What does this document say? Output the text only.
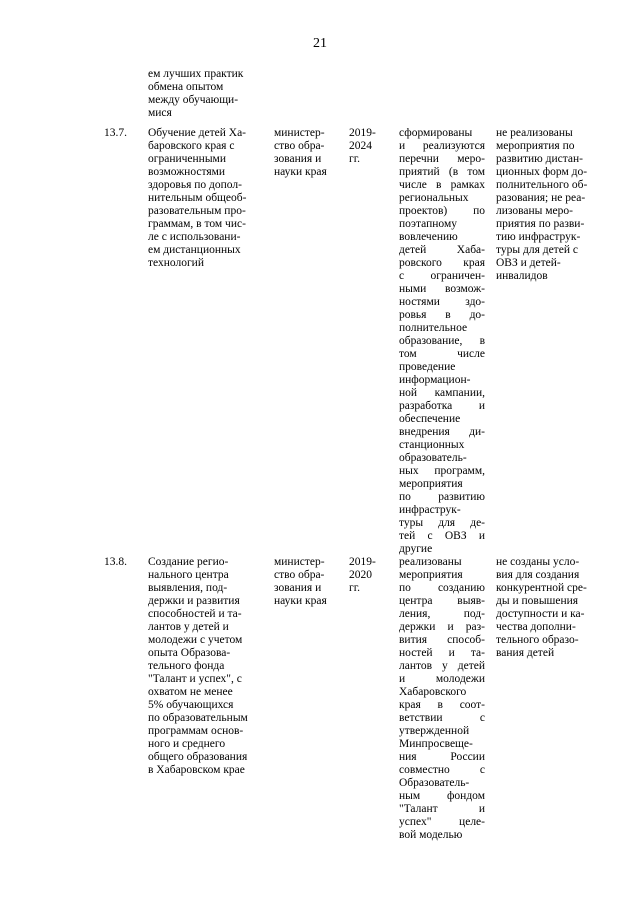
21
ем лучших практик
обмена опытом
между обучающи-
мися
13.7.	Обучение детей Ха-
баровского края с
ограниченными
возможностями
здоровья по допол-
нительным общеоб-
разовательным про-
граммам, в том чис-
ле с использовани-
ем дистанционных
технологий
министер-
ство обра-
зования и
науки края
2019-
2024
гг.
сформированы
и реализуются
перечни меро-
приятий (в том
числе в рамках
региональных
проектов) по
поэтапному
вовлечению
детей Хаба-
ровского края
с ограничен-
ными возмож-
ностями здо-
ровья в до-
полнительное
образование, в
том числе
проведение
информацион-
ной кампании,
разработка и
обеспечение
внедрения ди-
станционных
образователь-
ных программ,
мероприятия
по развитию
инфраструк-
туры для де-
тей с ОВЗ и
другие
не реализованы
мероприятия по
развитию дистан-
ционных форм до-
полнительного об-
разования; не реа-
лизованы меро-
приятия по разви-
тию инфраструк-
туры для детей с
ОВЗ и детей-
инвалидов
13.8.	Создание регио-
нального центра
выявления, под-
держки и развития
способностей и та-
лантов у детей и
молодежи с учетом
опыта Образова-
тельного фонда
"Талант и успех", с
охватом не менее
5% обучающихся
по образовательным
программам основ-
ного и среднего
общего образования
в Хабаровском крае
министер-
ство обра-
зования и
науки края
2019-
2020
гг.
реализованы
мероприятия
по созданию
центра выяв-
ления, под-
держки и раз-
вития способ-
ностей и та-
лантов у детей
и молодежи
Хабаровского
края в соот-
ветствии с
утвержденной
Минпросвеще-
ния России
совместно с
Образователь-
ным фондом
"Талант и
успех" целе-
вой моделью
не созданы усло-
вия для создания
конкурентной сре-
ды и повышения
доступности и ка-
чества дополни-
тельного образо-
вания детей
